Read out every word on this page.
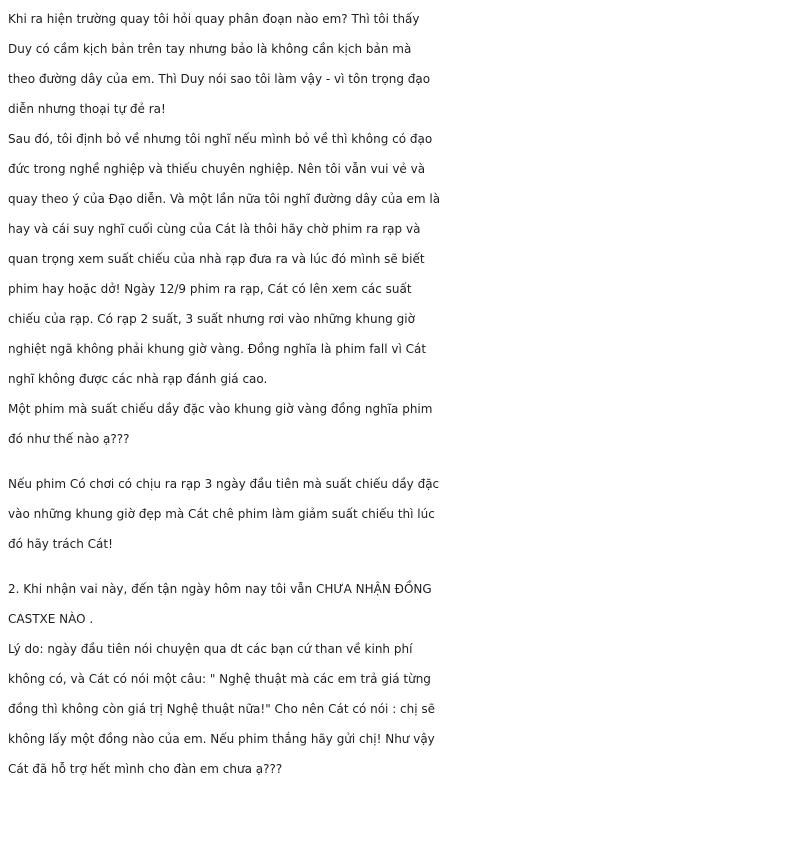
Khi ra hiện trường quay tôi hỏi quay phân đoạn nào em? Thì tôi thấy
Duy có cầm kịch bản trên tay nhưng bảo là không cần kịch bản mà
theo đường dây của em. Thì Duy nói sao tôi làm vậy - vì tôn trọng đạo
diễn nhưng thoại tự đẻ ra!
Sau đó, tôi định bỏ về nhưng tôi nghĩ nếu mình bỏ về thì không có đạo
đức trong nghề nghiệp và thiếu chuyên nghiệp. Nên tôi vẫn vui vẻ và
quay theo ý của Đạo diễn. Và một lần nữa tôi nghĩ đường dây của em là
hay và cái suy nghĩ cuối cùng của Cát là thôi hãy chờ phim ra rạp và
quan trọng xem suất chiếu của nhà rạp đưa ra và lúc đó mình sẽ biết
phim hay hoặc dở! Ngày 12/9 phim ra rạp, Cát có lên xem các suất
chiếu của rạp. Có rạp 2 suất, 3 suất nhưng rơi vào những khung giờ
nghiệt ngã không phải khung giờ vàng. Đồng nghĩa là phim fall vì Cát
nghĩ không được các nhà rạp đánh giá cao.
Một phim mà suất chiếu dầy đặc vào khung giờ vàng đồng nghĩa phim
đó như thế nào ạ???
Nếu phim Có chơi có chịu ra rạp 3 ngày đầu tiên mà suất chiếu dầy đặc
vào những khung giờ đẹp mà Cát chê phim làm giảm suất chiếu thì lúc
đó hãy trách Cát!
2. Khi nhận vai này, đến tận ngày hôm nay tôi vẫn CHƯA NHẬN ĐỒNG
CASTXE NÀO .
Lý do: ngày đầu tiên nói chuyện qua dt các bạn cứ than về kinh phí
không có, và Cát có nói một câu: " Nghệ thuật mà các em trả giá từng
đồng thì không còn giá trị Nghệ thuật nữa!" Cho nên Cát có nói : chị sẽ
không lấy một đồng nào của em. Nếu phim thắng hãy gửi chị! Như vậy
Cát đã hỗ trợ hết mình cho đàn em chưa ạ???
